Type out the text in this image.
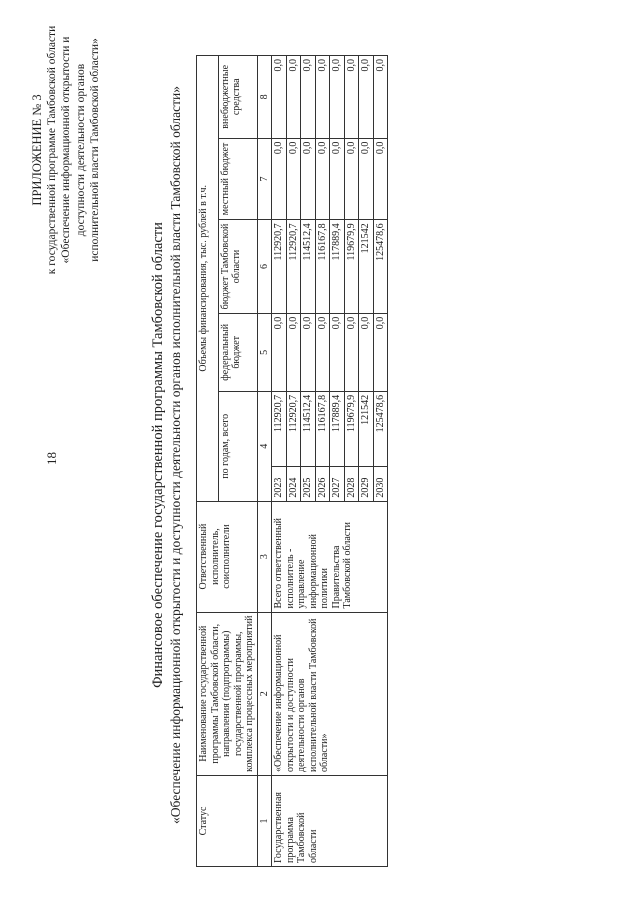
18
ПРИЛОЖЕНИЕ № 3 к государственной программе Тамбовской области «Обеспечение информационной открытости и доступности деятельности органов исполнительной власти Тамбовской области»
Финансовое обеспечение государственной программы Тамбовской области «Обеспечение информационной открытости и доступности деятельности органов исполнительной власти Тамбовской области» Статус	Наименование государственной программы Тамбовской области, направления (подпрограммы) государственной программы, комплекса процессных мероприятий	Ответственный исполнитель, соисполнители	Объемы финансирования, тыс. рублей в т.ч.					
			по годам, всего		федеральный бюджет	бюджет Тамбовской области	местный бюджет	внебюджетные средства
1	2	3	4		5	6	7	8
Государственная программа Тамбовской области	«Обеспечение информационной открытости и доступности деятельности органов исполнительной власти Тамбовской области»	Всего ответственный исполнитель - управление информационной политики Правительства Тамбовской области	2023	112920,7	0,0	112920,7	0,0	0,0
			2024	112920,7	0,0	112920,7	0,0	0,0
			2025	114512,4	0,0	114512,4	0,0	0,0
			2026	116167,8	0,0	116167,8	0,0	0,0
			2027	117889,4	0,0	117889,4	0,0	0,0
			2028	119679,9	0,0	119679,9	0,0	0,0
			2029	121542	0,0	121542	0,0	0,0
			2030	125478,6	0,0	125478,6	0,0	0,0
